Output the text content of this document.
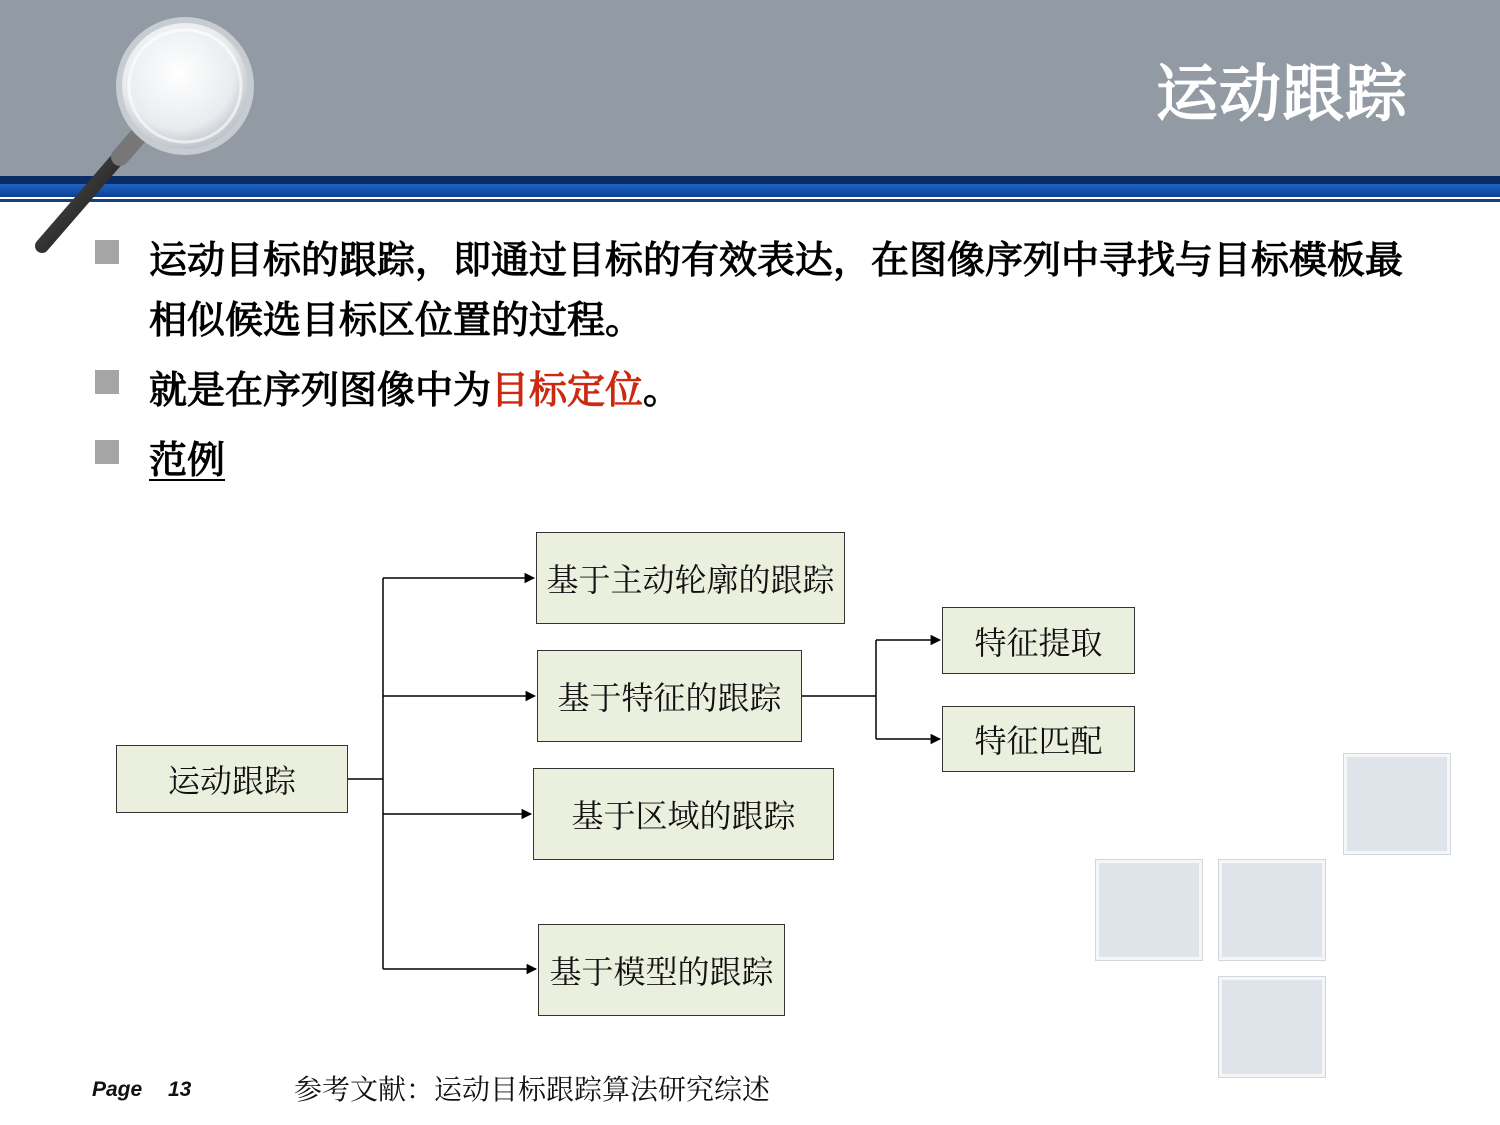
运动跟踪
运动目标的跟踪，即通过目标的有效表达，在图像序列中寻找与目标模板最相似候选目标区位置的过程。
就是在序列图像中为目标定位。
范例
运动跟踪
基于主动轮廓的跟踪
基于特征的跟踪
基于区域的跟踪
基于模型的跟踪
特征提取
特征匹配
Page 13	参考文献：运动目标跟踪算法研究综述
